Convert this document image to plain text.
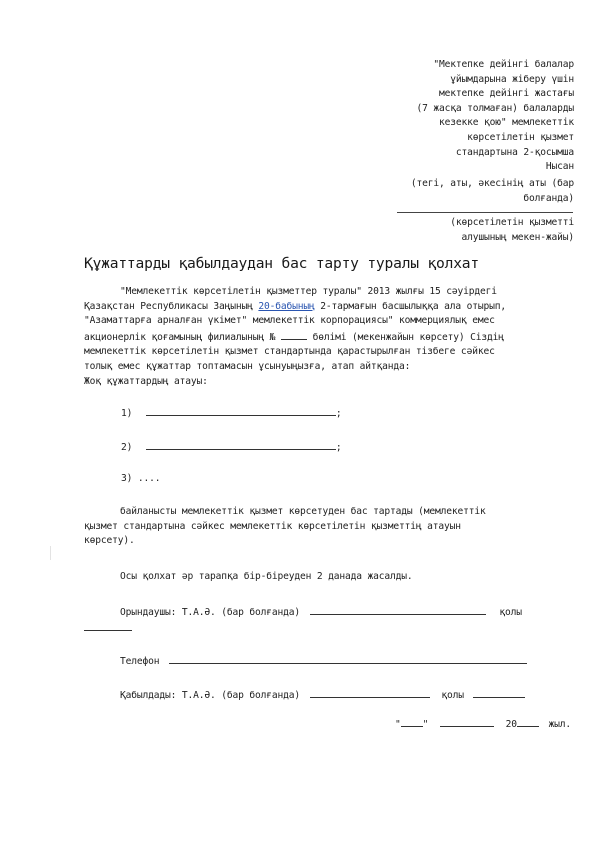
"Мектепке дейінгі балалар
ұйымдарына жіберу үшін
мектепке дейінгі жастағы
(7 жасқа толмаған) балаларды
кезекке қою" мемлекеттік
көрсетілетін қызмет
стандартына 2-қосымша
Нысан
(тегі, аты, әкесінің аты (бар
болғанда)
(көрсетілетін қызметті
алушының мекен-жайы)
Құжаттарды қабылдаудан бас тарту туралы қолхат
"Мемлекеттік көрсетілетін қызметтер туралы" 2013 жылғы 15 сәуірдегі
Қазақстан Республикасы Заңының 20-бабының 2-тармағын басшылыққа ала отырып,
"Азаматтарға арналған үкімет" мемлекеттік корпорациясы" коммерциялық емес
акционерлік қоғамының филиалының №	бөлімі (мекенжайын көрсету) Сіздің
мемлекеттік көрсетілетін қызмет стандартында қарастырылған тізбеге сәйкес
толық емес құжаттар топтамасын ұсынуыңызға, атап айтқанда:
Жоқ құжаттардың атауы:
1)	;
2)	;
3) ....
байланысты мемлекеттік қызмет көрсетуден бас тартады (мемлекеттік
қызмет стандартына сәйкес мемлекеттік көрсетілетін қызметтің атауын
көрсету).
Осы қолхат әр тарапқа бір-біреуден 2 данада жасалды.
Орындаушы: Т.А.Ә. (бар болғанда)	қолы
Телефон
Қабылдады: Т.А.Ә. (бар болғанда)	қолы
" "	20	жыл.
